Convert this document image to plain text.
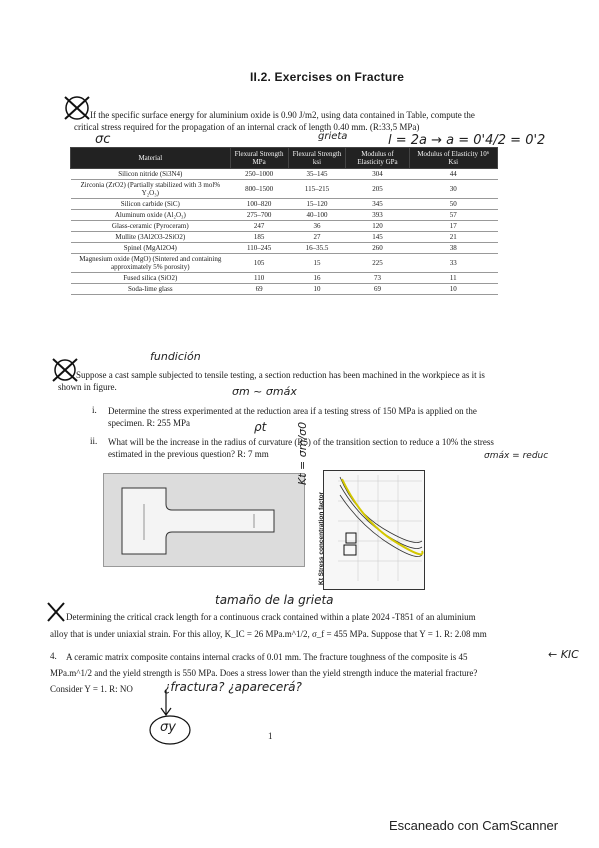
II.2. Exercises on Fracture
If the specific surface energy for aluminium oxide is 0.90 J/m2, using data contained in Table, compute the
critical stress required for the propagation of an internal crack of length 0.40 mm. (R:33,5 MPa)
σc	grieta	l = 2a → a = 0'4/2 = 0'2
Material	Flexural Strength MPa	Flexural Strength ksi	Modulus of Elasticity GPa	Modulus of Elasticity 10⁶ Ksi
Silicon nitride (Si3N4)	250–1000	35–145	304	44
Zirconia (ZrO2) (Partially stabilized with 3 mol% Y₂O₃)	800–1500	115–215	205	30
Silicon carbide (SiC)	100–820	15–120	345	50
Aluminum oxide (Al₂O₃)	275–700	40–100	393	57
Glass-ceramic (Pyroceram)	247	36	120	17
Mullite (3Al2O3-2SiO2)	185	27	145	21
Spinel (MgAl2O4)	110–245	16–35.5	260	38
Magnesium oxide (MgO) (Sintered and containing approximately 5% porosity)	105	15	225	33
Fused silica (SiO2)	110	16	73	11
Soda-lime glass	69	10	69	10
fundición
Suppose a cast sample subjected to tensile testing, a section reduction has been machined in the workpiece as it is
shown in figure.	σm ~ σmáx
i. Determine the stress experimented at the reduction area if a testing stress of 150 MPa is applied on the
specimen. R: 255 MPa	ρt
ii. What will be the increase in the radius of curvature (R5) of the transition section to reduce a 10% the stress
estimated in the previous question? R: 7 mm	σmáx = reduc
Kt = σm/σ0
Kt Stress concentration factor
tamaño de la grieta
Determining the critical crack length for a continuous crack contained within a plate 2024 -T851 of an aluminium
alloy that is under uniaxial strain. For this alloy, K_IC = 26 MPa.m^1/2, σ_f = 455 MPa. Suppose that Y = 1. R: 2.08 mm
4. A ceramic matrix composite contains internal cracks of 0.01 mm. The fracture toughness of the composite is 45	← KIC
MPa.m^1/2 and the yield strength is 550 MPa. Does a stress lower than the yield strength induce the material fracture?
Consider Y = 1. R: NO	¿fractura? ¿aparecerá?
σy
1
Escaneado con CamScanner
